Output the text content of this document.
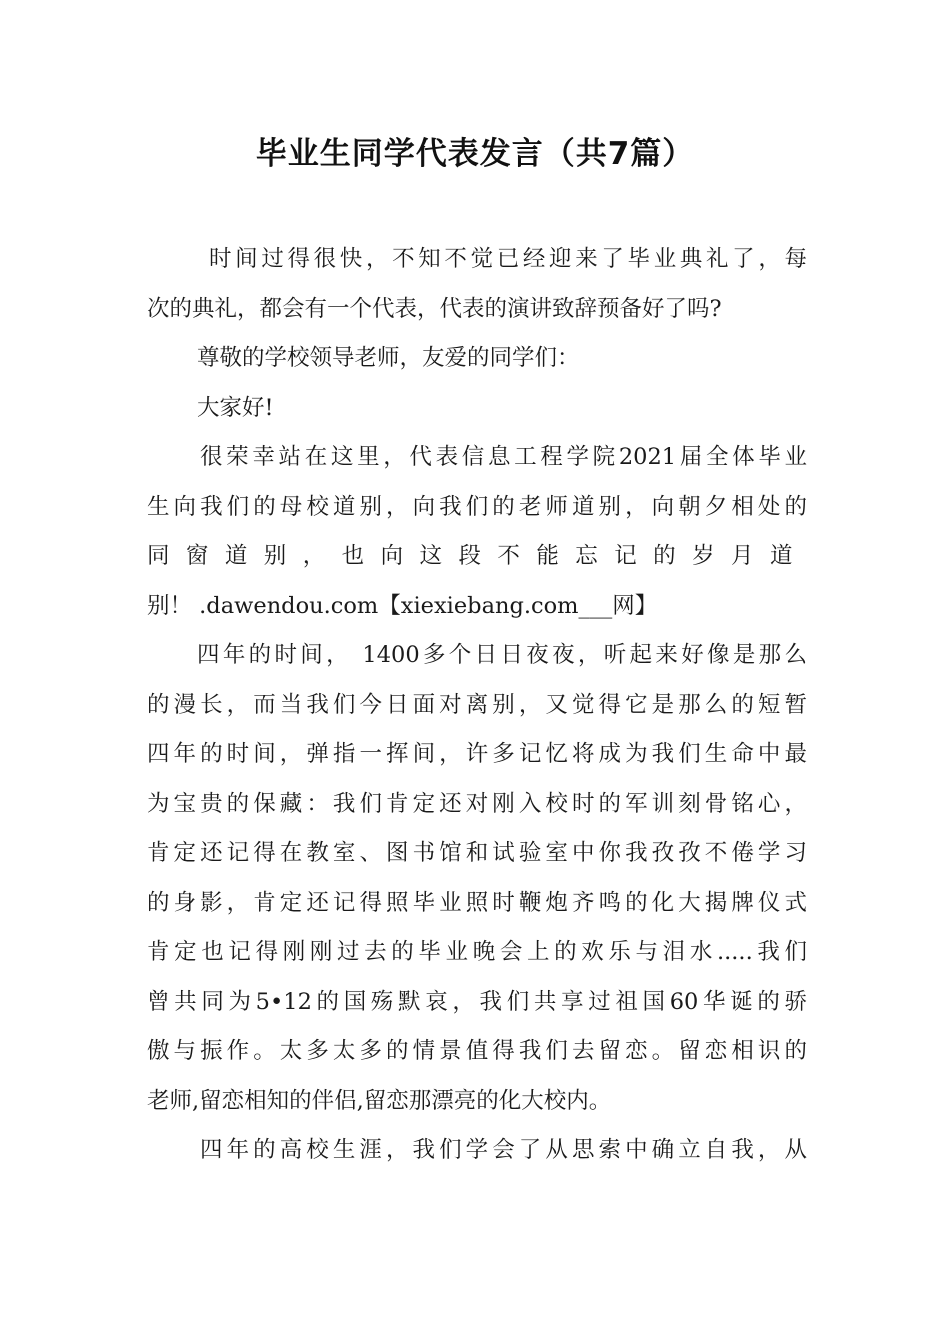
毕业生同学代表发言（共7篇）

时间过得很快，不知不觉已经迎来了毕业典礼了，每

次的典礼，都会有一个代表，代表的演讲致辞预备好了吗?

尊敬的学校领导老师，友爱的同学们：

大家好!

很荣幸站在这里，代表信息工程学院2021届全体毕业

生向我们的母校道别，向我们的老师道别，向朝夕相处的

同窗道别，也向这段不能忘记的岁月道

别！ .dawendou.com【xiexiebang.com___网】

四年的时间， 1400多个日日夜夜，听起来好像是那么

的漫长，而当我们今日面对离别，又觉得它是那么的短暂

四年的时间，弹指一挥间，许多记忆将成为我们生命中最

为宝贵的保藏：我们肯定还对刚入校时的军训刻骨铭心，

肯定还记得在教室、图书馆和试验室中你我孜孜不倦学习

的身影，肯定还记得照毕业照时鞭炮齐鸣的化大揭牌仪式

肯定也记得刚刚过去的毕业晚会上的欢乐与泪水.....我们

曾共同为5•12的国殇默哀，我们共享过祖国60华诞的骄

傲与振作。太多太多的情景值得我们去留恋。留恋相识的

老师,留恋相知的伴侣,留恋那漂亮的化大校内。

四年的高校生涯，我们学会了从思索中确立自我，从
